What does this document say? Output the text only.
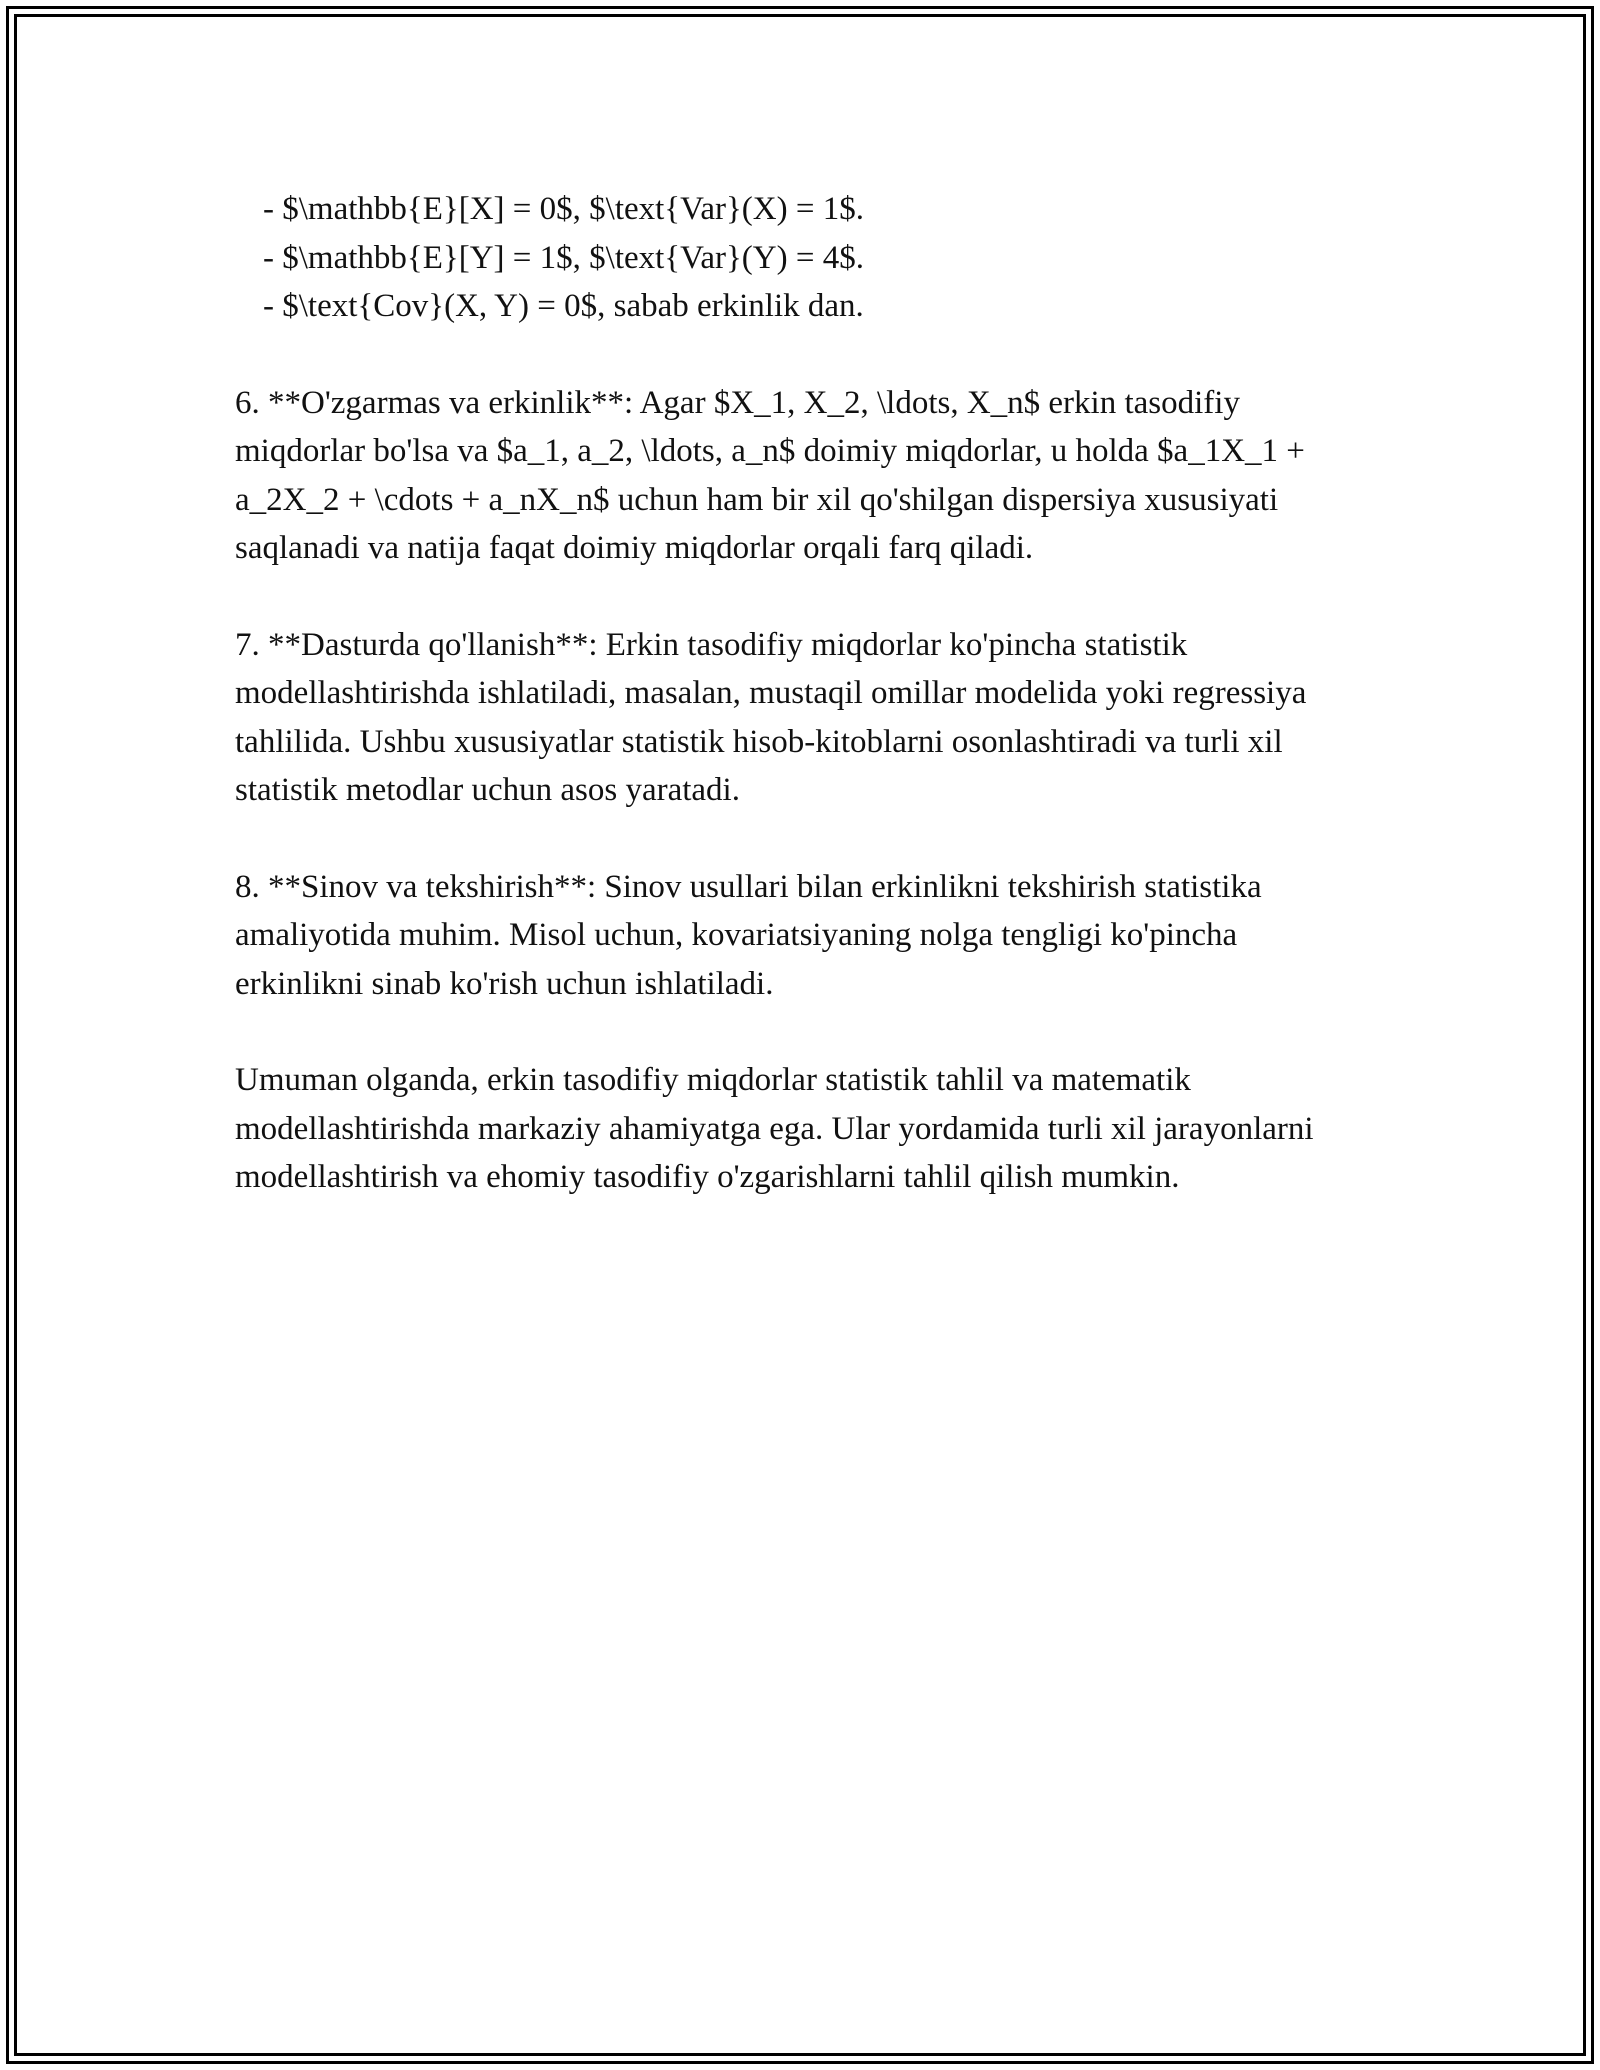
- $\mathbb{E}[X] = 0$, $\text{Var}(X) = 1$.

- $\mathbb{E}[Y] = 1$, $\text{Var}(Y) = 4$.

- $\text{Cov}(X, Y) = 0$, sabab erkinlik dan.

6. **O'zgarmas va erkinlik**: Agar $X_1, X_2, \ldots, X_n$ erkin tasodifiy miqdorlar bo'lsa va $a_1, a_2, \ldots, a_n$ doimiy miqdorlar, u holda $a_1X_1 + a_2X_2 + \cdots + a_nX_n$ uchun ham bir xil qo'shilgan dispersiya xususiyati saqlanadi va natija faqat doimiy miqdorlar orqali farq qiladi.

7. **Dasturda qo'llanish**: Erkin tasodifiy miqdorlar ko'pincha statistik modellashtirishda ishlatiladi, masalan, mustaqil omillar modelida yoki regressiya tahlilida. Ushbu xususiyatlar statistik hisob-kitoblarni osonlashtiradi va turli xil statistik metodlar uchun asos yaratadi.

8. **Sinov va tekshirish**: Sinov usullari bilan erkinlikni tekshirish statistika amaliyotida muhim. Misol uchun, kovariatsiyaning nolga tengligi ko'pincha erkinlikni sinab ko'rish uchun ishlatiladi.

Umuman olganda, erkin tasodifiy miqdorlar statistik tahlil va matematik modellashtirishda markaziy ahamiyatga ega. Ular yordamida turli xil jarayonlarni modellashtirish va ehomiy tasodifiy o'zgarishlarni tahlil qilish mumkin.
